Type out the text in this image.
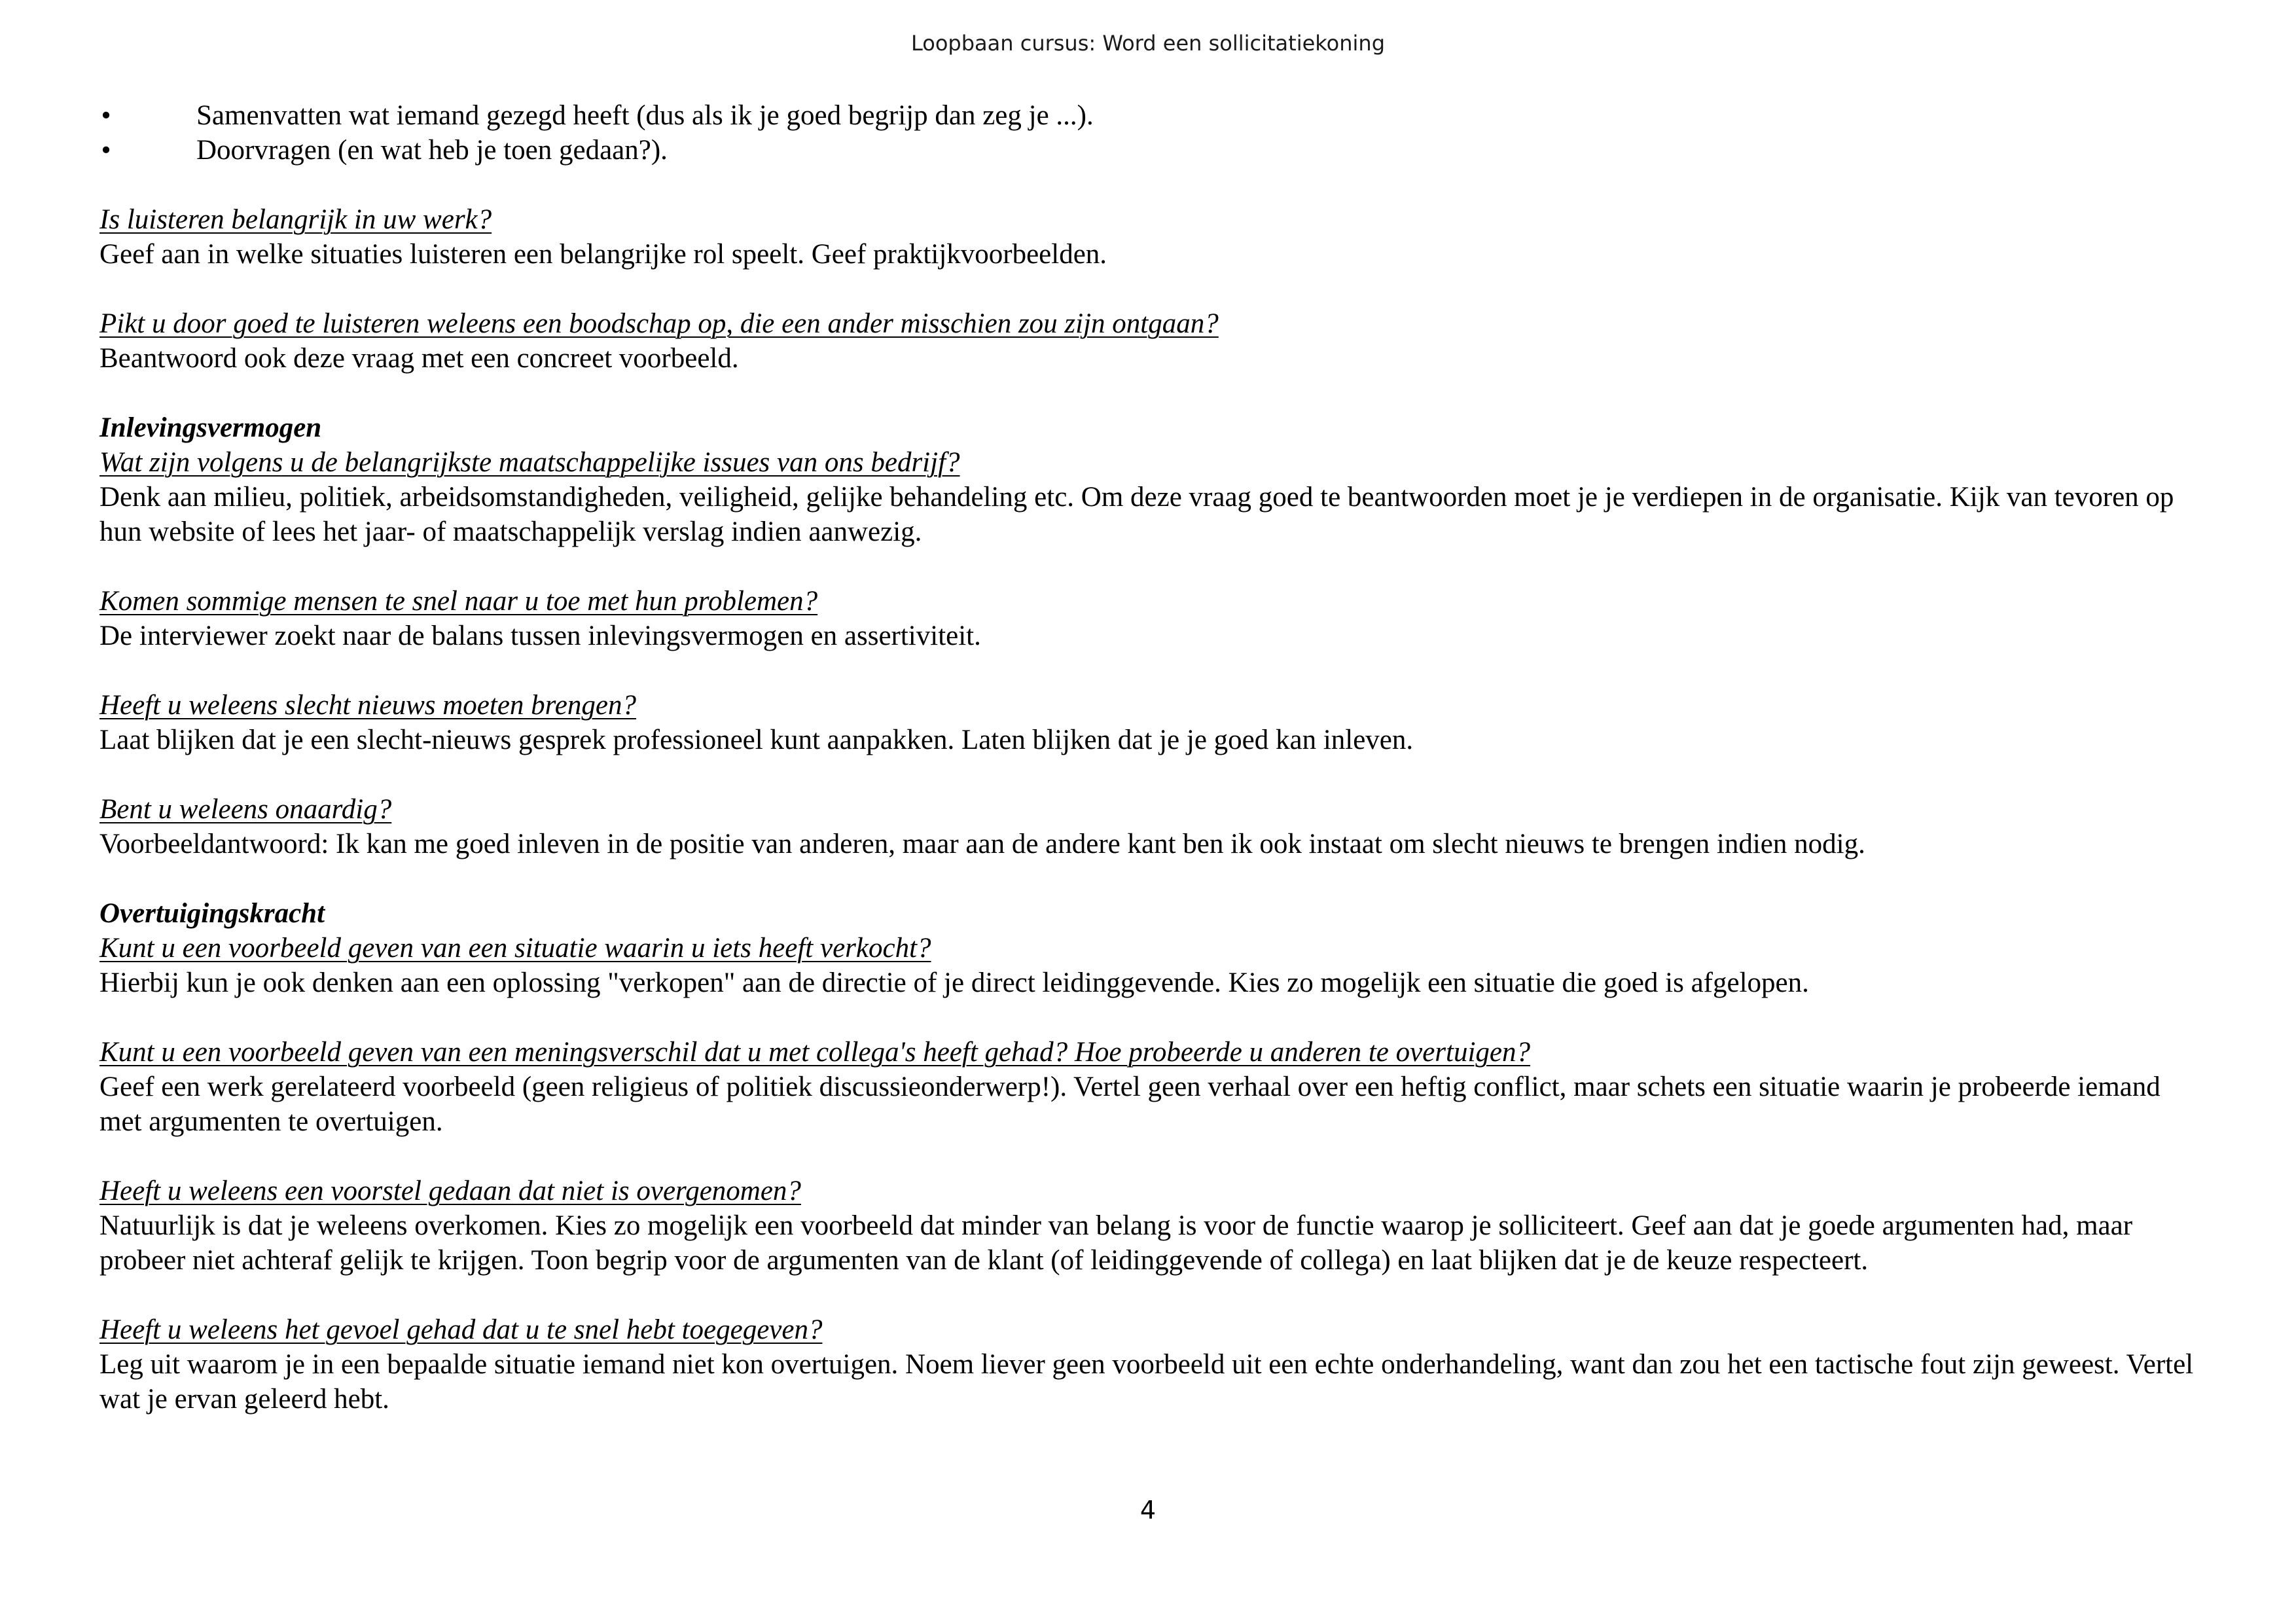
Loopbaan cursus: Word een sollicitatiekoning
•	Samenvatten wat iemand gezegd heeft (dus als ik je goed begrijp dan zeg je ...).
•	Doorvragen (en wat heb je toen gedaan?).
Is luisteren belangrijk in uw werk?
Geef aan in welke situaties luisteren een belangrijke rol speelt. Geef praktijkvoorbeelden.
Pikt u door goed te luisteren weleens een boodschap op, die een ander misschien zou zijn ontgaan?
Beantwoord ook deze vraag met een concreet voorbeeld.
Inlevingsvermogen
Wat zijn volgens u de belangrijkste maatschappelijke issues van ons bedrijf?
Denk aan milieu, politiek, arbeidsomstandigheden, veiligheid, gelijke behandeling etc. Om deze vraag goed te beantwoorden moet je je verdiepen in de organisatie. Kijk van tevoren op hun website of lees het jaar- of maatschappelijk verslag indien aanwezig.
Komen sommige mensen te snel naar u toe met hun problemen?
De interviewer zoekt naar de balans tussen inlevingsvermogen en assertiviteit.
Heeft u weleens slecht nieuws moeten brengen?
Laat blijken dat je een slecht-nieuws gesprek professioneel kunt aanpakken. Laten blijken dat je je goed kan inleven.
Bent u weleens onaardig?
Voorbeeldantwoord: Ik kan me goed inleven in de positie van anderen, maar aan de andere kant ben ik ook instaat om slecht nieuws te brengen indien nodig.
Overtuigingskracht
Kunt u een voorbeeld geven van een situatie waarin u iets heeft verkocht?
Hierbij kun je ook denken aan een oplossing "verkopen" aan de directie of je direct leidinggevende. Kies zo mogelijk een situatie die goed is afgelopen.
Kunt u een voorbeeld geven van een meningsverschil dat u met collega's heeft gehad? Hoe probeerde u anderen te overtuigen?
Geef een werk gerelateerd voorbeeld (geen religieus of politiek discussieonderwerp!). Vertel geen verhaal over een heftig conflict, maar schets een situatie waarin je probeerde iemand met argumenten te overtuigen.
Heeft u weleens een voorstel gedaan dat niet is overgenomen?
Natuurlijk is dat je weleens overkomen. Kies zo mogelijk een voorbeeld dat minder van belang is voor de functie waarop je solliciteert. Geef aan dat je goede argumenten had, maar probeer niet achteraf gelijk te krijgen. Toon begrip voor de argumenten van de klant (of leidinggevende of collega) en laat blijken dat je de keuze respecteert.
Heeft u weleens het gevoel gehad dat u te snel hebt toegegeven?
Leg uit waarom je in een bepaalde situatie iemand niet kon overtuigen. Noem liever geen voorbeeld uit een echte onderhandeling, want dan zou het een tactische fout zijn geweest. Vertel wat je ervan geleerd hebt.
4
